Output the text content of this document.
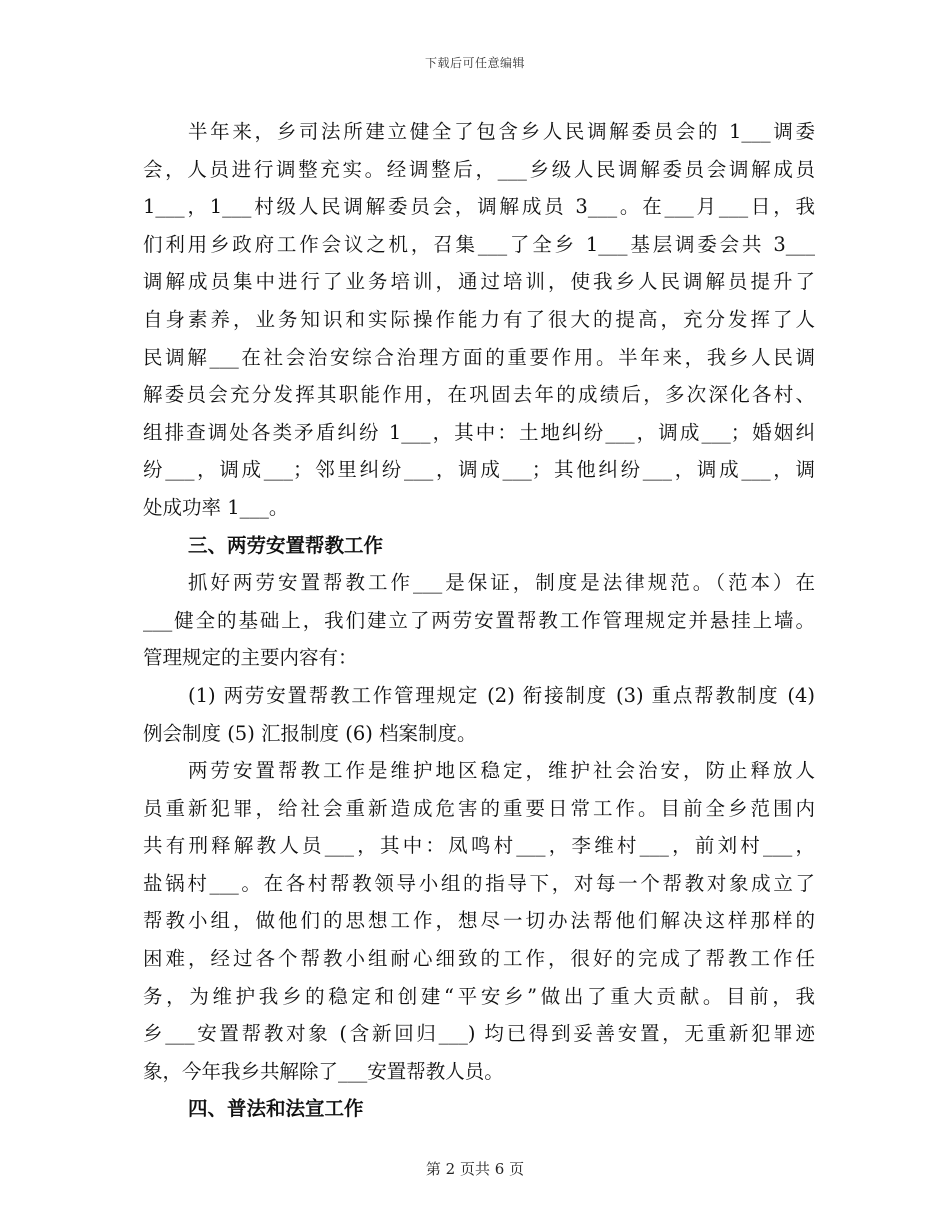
下载后可任意编辑
半年来，乡司法所建立健全了包含乡人民调解委员会的 1___调委
会，人员进行调整充实。经调整后，___乡级人民调解委员会调解成员
1___，1___村级人民调解委员会，调解成员 3___。在___月___日，我
们利用乡政府工作会议之机，召集___了全乡 1___基层调委会共 3___
调解成员集中进行了业务培训，通过培训，使我乡人民调解员提升了
自身素养，业务知识和实际操作能力有了很大的提高，充分发挥了人
民调解___在社会治安综合治理方面的重要作用。半年来，我乡人民调
解委员会充分发挥其职能作用，在巩固去年的成绩后，多次深化各村、
组排查调处各类矛盾纠纷 1___，其中：土地纠纷___，调成___；婚姻纠
纷___，调成___；邻里纠纷___，调成___；其他纠纷___，调成___，调
处成功率 1___。
三、两劳安置帮教工作
抓好两劳安置帮教工作___是保证，制度是法律规范。（范本）在
___健全的基础上，我们建立了两劳安置帮教工作管理规定并悬挂上墙。
管理规定的主要内容有：
(1) 两劳安置帮教工作管理规定 (2) 衔接制度 (3) 重点帮教制度 (4)
例会制度 (5) 汇报制度 (6) 档案制度。
两劳安置帮教工作是维护地区稳定，维护社会治安，防止释放人
员重新犯罪，给社会重新造成危害的重要日常工作。目前全乡范围内
共有刑释解教人员___，其中：凤鸣村___，李维村___，前刘村___，
盐锅村___。在各村帮教领导小组的指导下，对每一个帮教对象成立了
帮教小组，做他们的思想工作，想尽一切办法帮他们解决这样那样的
困难，经过各个帮教小组耐心细致的工作，很好的完成了帮教工作任
务，为维护我乡的稳定和创建“平安乡”做出了重大贡献。目前，我
乡___安置帮教对象 (含新回归___) 均已得到妥善安置，无重新犯罪迹
象，今年我乡共解除了___安置帮教人员。
四、普法和法宣工作
第 2 页共 6 页
